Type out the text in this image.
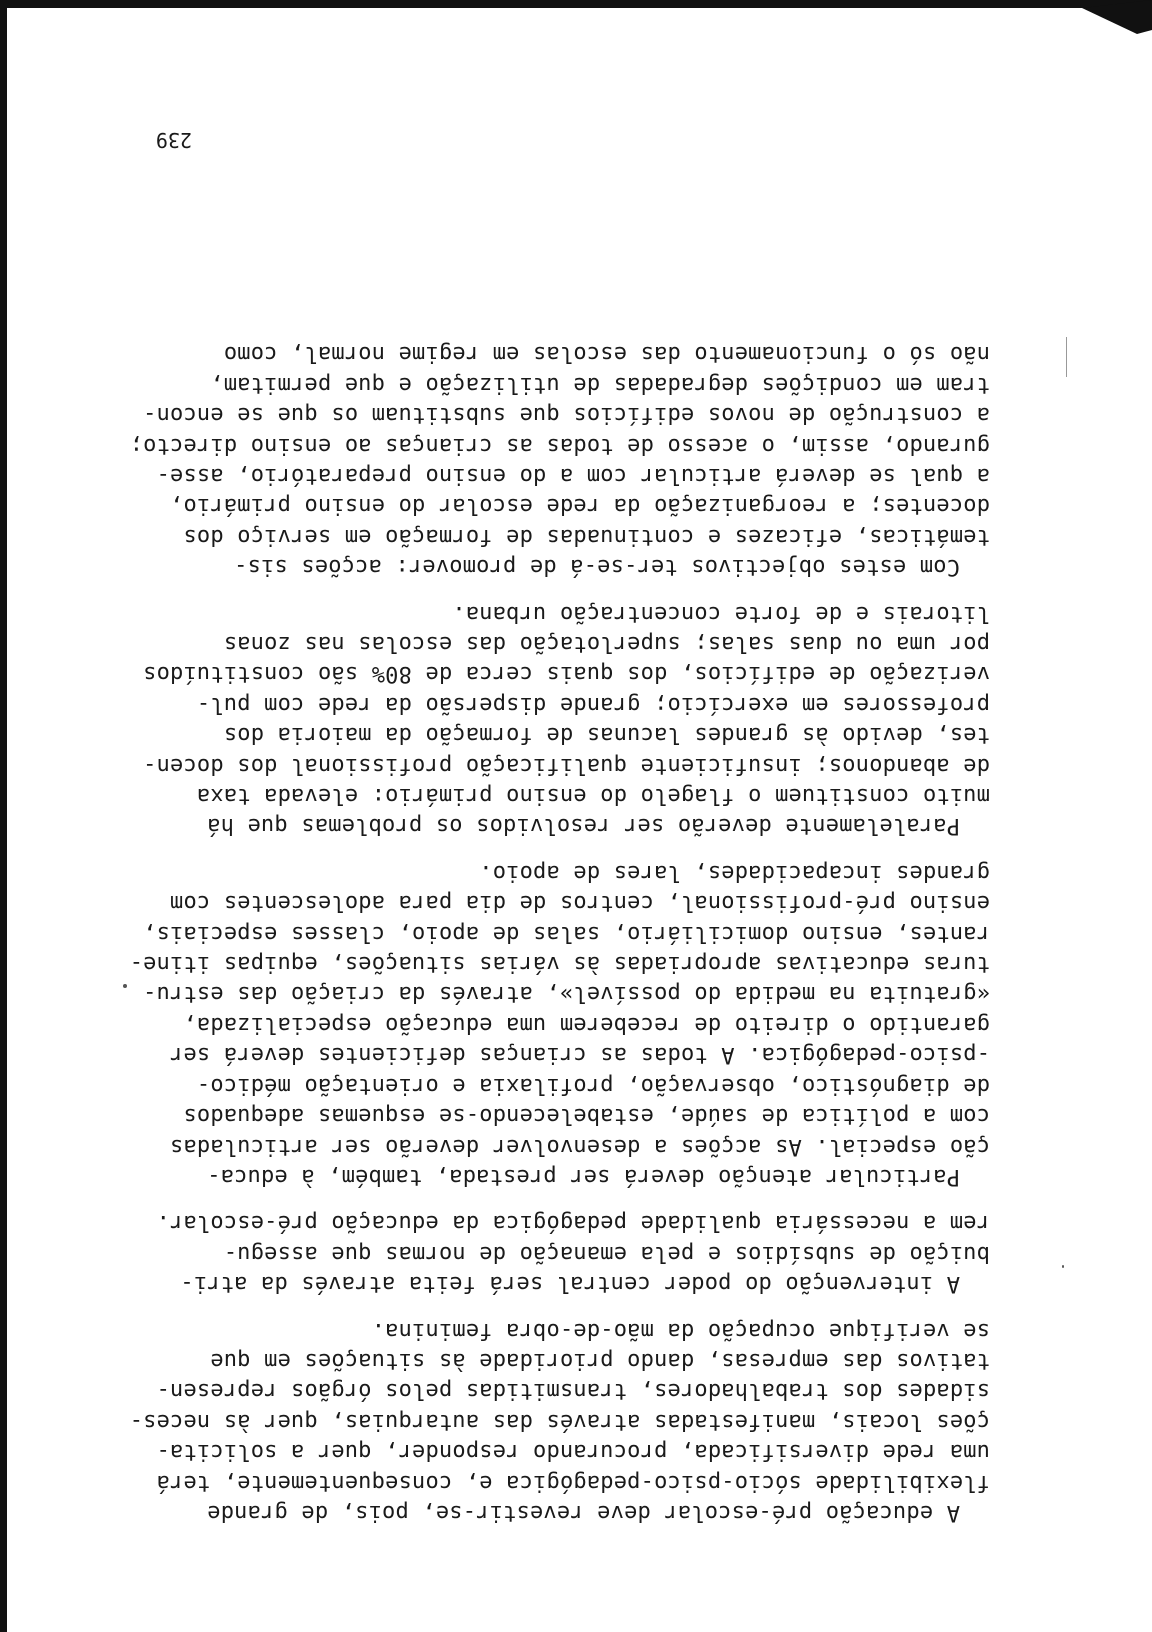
A educação pré-escolar deve revestir-se, pois, de grande
flexibilidade sócio-psico-pedagógica e, consequentemente, terá
uma rede diversificada, procurando responder, quer a solicita-
ções locais, manifestadas através das autarquias, quer às neces-
sidades dos trabalhadores, transmitidas pelos órgãos represen-
tativos das empresas, dando prioridade às situações em que
se verifique ocupação da mão-de-obra feminina.
A intervenção do poder central será feita através da atri-
buição de subsídios e pela emanação de normas que assegu-
rem a necessária qualidade pedagógica da educação pré-escolar.
Particular atenção deverá ser prestada, também, à educa-
ção especial. As acções a desenvolver deverão ser articuladas
com a política de saúde, estabelecendo-se esquemas adequados
de diagnóstico, observação, profilaxia e orientação médico-
-psico-pedagógica. A todas as crianças deficientes deverá ser
garantido o direito de receberem uma educação especializada,
«gratuita na medida do possível», através da criação das estru-
turas educativas apropriadas às várias situações, equipas itine-
rantes, ensino domiciliário, salas de apoio, classes especiais,
ensino pré-profissional, centros de dia para adolescentes com
grandes incapacidades, lares de apoio.
Paralelamente deverão ser resolvidos os problemas que há
muito constituem o flagelo do ensino primário: elevada taxa
de abandonos; insuficiente qualificação profissional dos docen-
tes, devido às grandes lacunas de formação da maioria dos
professores em exercício; grande dispersão da rede com pul-
verização de edifícios, dos quais cerca de 80% são constituídos
por uma ou duas salas; superlotação das escolas nas zonas
litorais e de forte concentração urbana.
Com estes objectivos ter-se-á de promover: acções sis-
temáticas, eficazes e continuadas de formação em serviço dos
docentes; a reorganização da rede escolar do ensino primário,
a qual se deverá articular com a do ensino preparatório, asse-
gurando, assim, o acesso de todas as crianças ao ensino directo;
a construção de novos edifícios que substituam os que se encon-
tram em condições degradadas de utilização e que permitam,
não só o funcionamento das escolas em regime normal, como
239
